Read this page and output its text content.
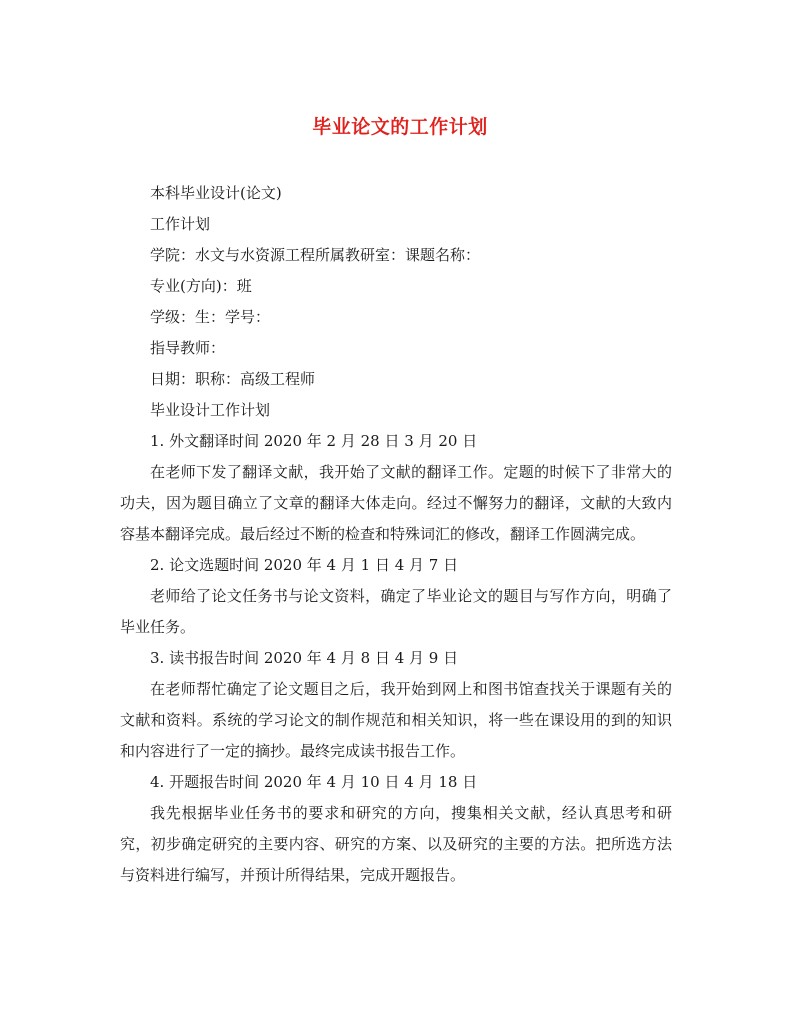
毕业论文的工作计划

本科毕业设计(论文)

工作计划

学院：水文与水资源工程所属教研室：课题名称：

专业(方向)：班

学级：生：学号：

指导教师：

日期：职称：高级工程师

毕业设计工作计划

1. 外文翻译时间 2020 年 2 月 28 日 3 月 20 日

在老师下发了翻译文献，我开始了文献的翻译工作。定题的时候下了非常大的功夫，因为题目确立了文章的翻译大体走向。经过不懈努力的翻译，文献的大致内容基本翻译完成。最后经过不断的检查和特殊词汇的修改，翻译工作圆满完成。

2. 论文选题时间 2020 年 4 月 1 日 4 月 7 日

老师给了论文任务书与论文资料，确定了毕业论文的题目与写作方向，明确了毕业任务。

3. 读书报告时间 2020 年 4 月 8 日 4 月 9 日

在老师帮忙确定了论文题目之后，我开始到网上和图书馆查找关于课题有关的文献和资料。系统的学习论文的制作规范和相关知识，将一些在课设用的到的知识和内容进行了一定的摘抄。最终完成读书报告工作。

4. 开题报告时间 2020 年 4 月 10 日 4 月 18 日

我先根据毕业任务书的要求和研究的方向，搜集相关文献，经认真思考和研究，初步确定研究的主要内容、研究的方案、以及研究的主要的方法。把所选方法与资料进行编写，并预计所得结果，完成开题报告。
